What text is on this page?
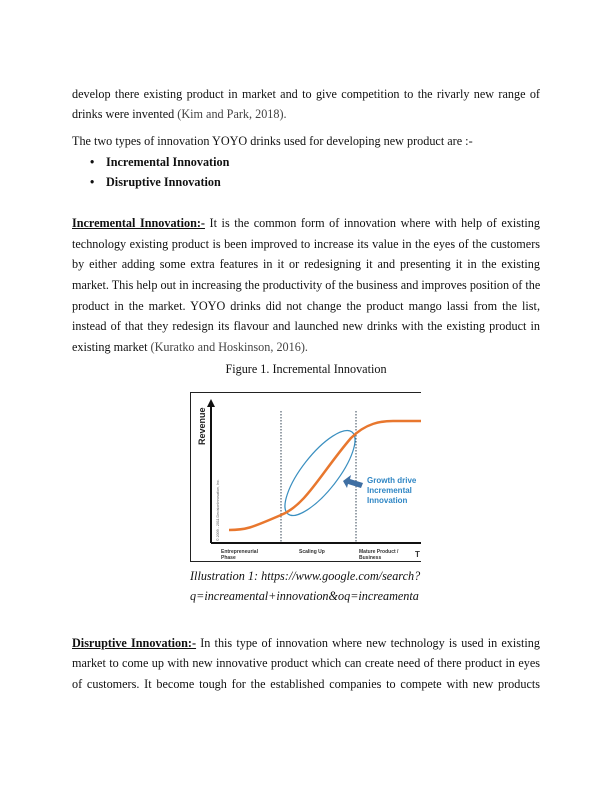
develop there existing product in market and to give competition to the rivarly new range of
drinks were invented (Kim and Park, 2018).
The two types of innovation YOYO drinks used for developing new product are :-
• Incremental Innovation
• Disruptive Innovation
Incremental Innovation:- It is the common form of innovation where with help of existing
technology existing product is been improved to increase its value in the eyes of the customers
by either adding some extra features in it or redesigning it and presenting it in the existing
market. This help out in increasing the productivity of the business and improves position of the
product in the market. YOYO drinks did not change the product mango lassi from the list,
instead of that they redesign its flavour and launched new drinks with the existing product in
existing market (Kuratko and Hoskinson, 2016).
Figure 1. Incremental Innovation
Revenue
© 2009 - 2011 DecisionInnovation, Inc.	Growth drive
Incremental
Innovation
Entrepreneurial
Phase
Scaling Up	Mature Product /
Business	T
Illustration 1: https://www.google.com/search?
q=increamental+innovation&oq=increamenta
Disruptive Innovation:- In this type of innovation where new technology is used in existing
market to come up with new innovative product which can create need of there product in eyes
of customers. It become tough for the established companies to compete with new products
